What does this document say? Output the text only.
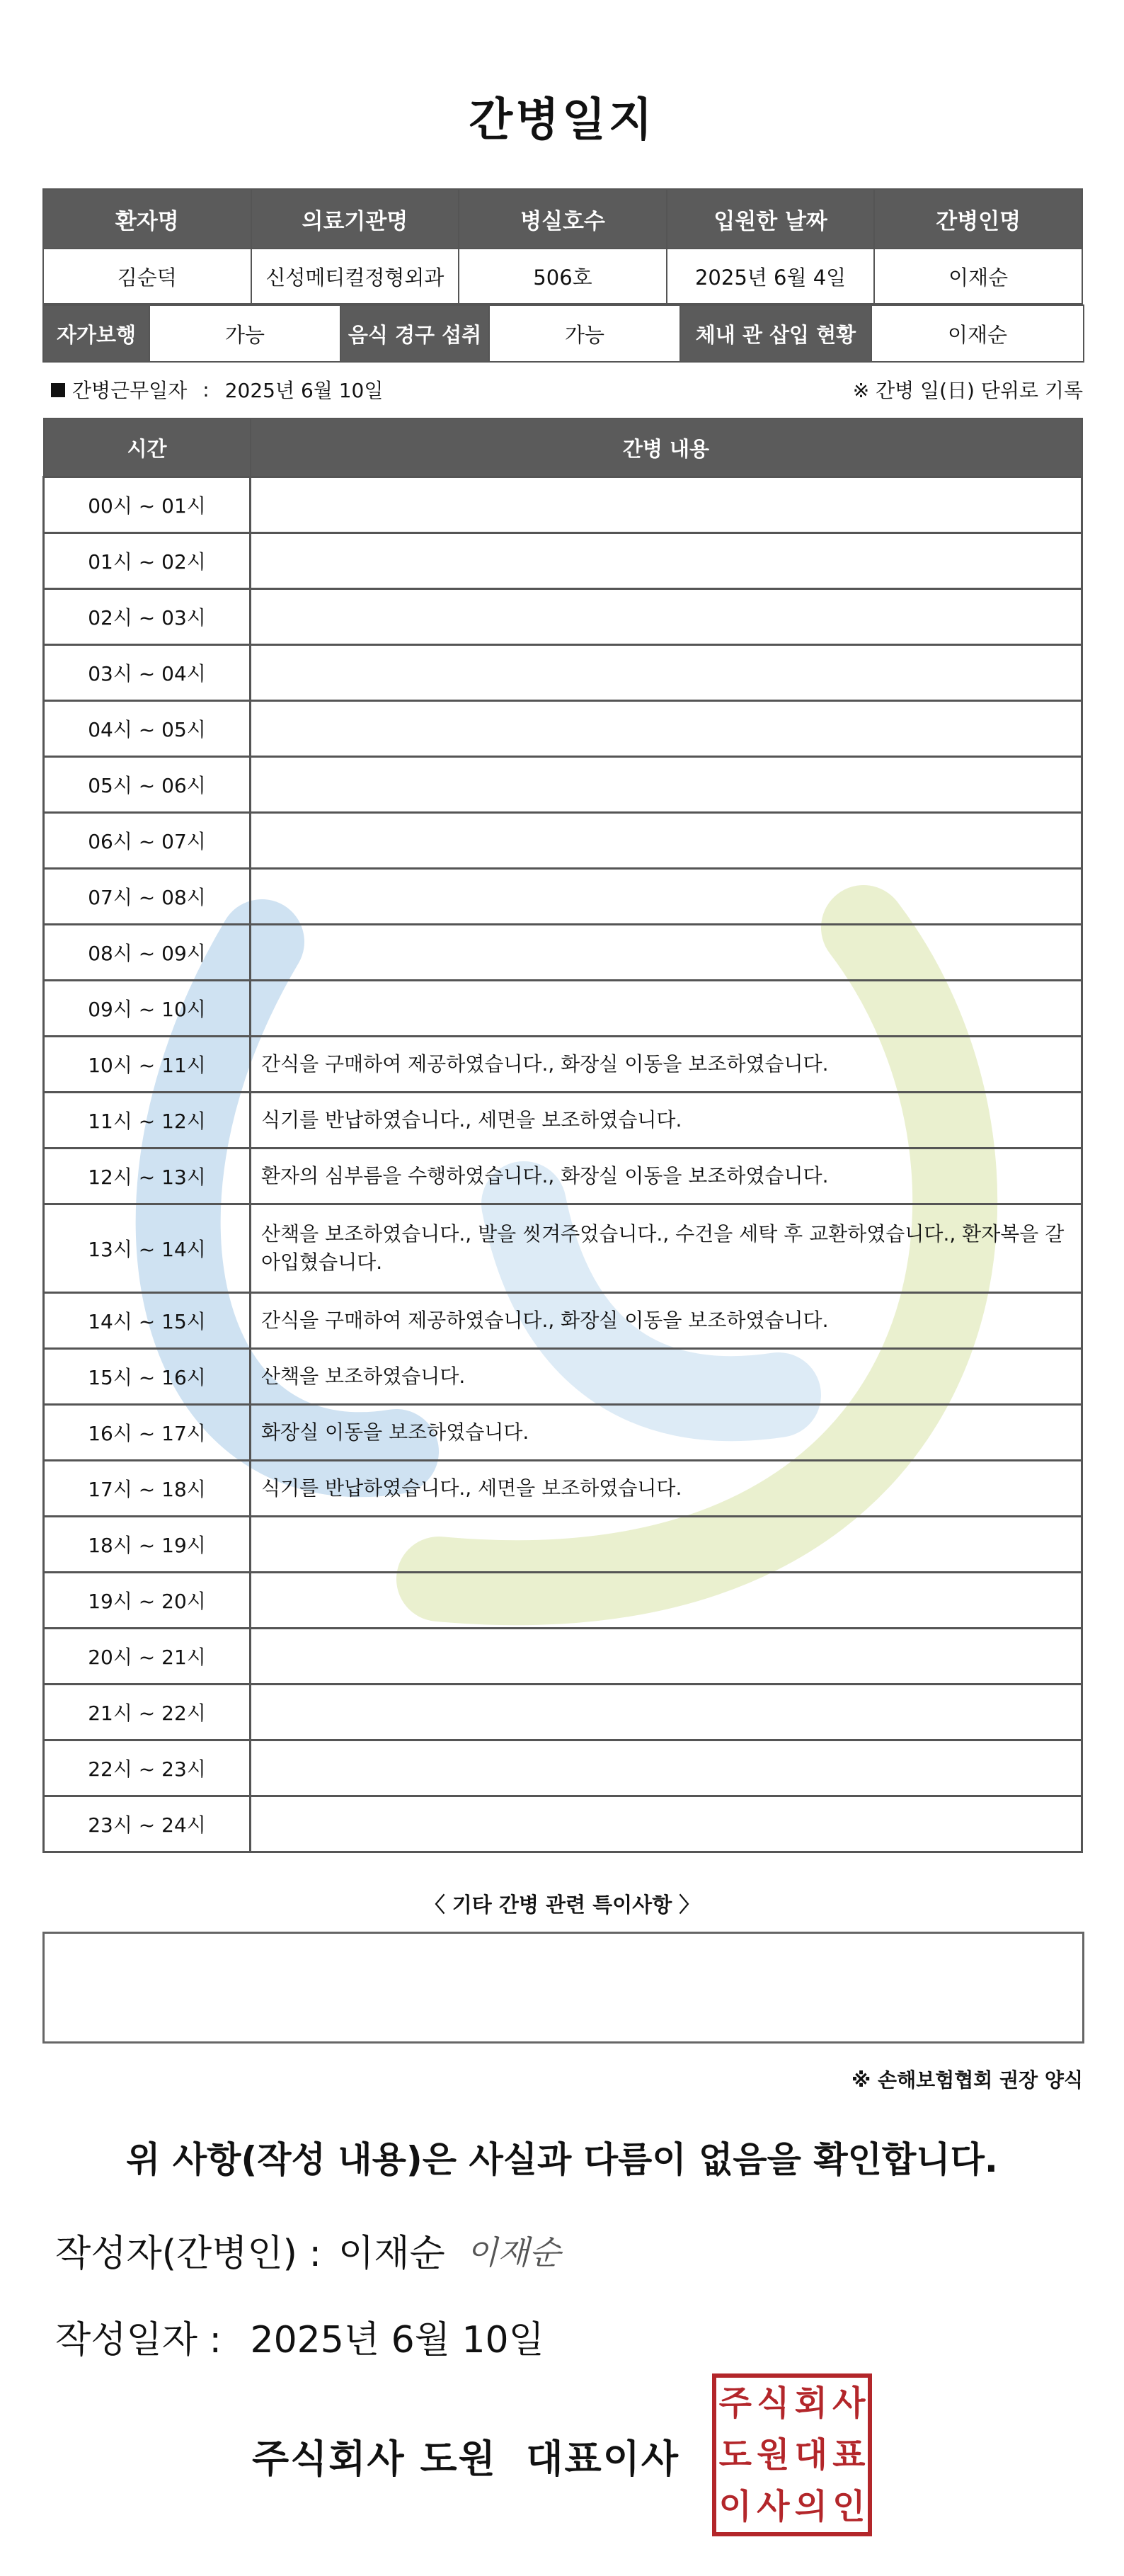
간병일지
환자명	의료기관명	병실호수	입원한 날짜	간병인명
김순덕	신성메티컬정형외과	506호	2025년 6월 4일	이재순
자가보행	가능	음식 경구 섭취	가능	체내 관 삽입 현황	이재순
간병근무일자 : 2025년 6월 10일	※ 간병 일(日) 단위로 기록
시간	간병 내용
00시 ~ 01시	
01시 ~ 02시	
02시 ~ 03시	
03시 ~ 04시	
04시 ~ 05시	
05시 ~ 06시	
06시 ~ 07시	
07시 ~ 08시	
08시 ~ 09시	
09시 ~ 10시	
10시 ~ 11시	간식을 구매하여 제공하였습니다., 화장실 이동을 보조하였습니다.
11시 ~ 12시	식기를 반납하였습니다., 세면을 보조하였습니다.
12시 ~ 13시	환자의 심부름을 수행하였습니다., 화장실 이동을 보조하였습니다.
13시 ~ 14시	산책을 보조하였습니다., 발을 씻겨주었습니다., 수건을 세탁 후 교환하였습니다., 환자복을 갈아입혔습니다.
14시 ~ 15시	간식을 구매하여 제공하였습니다., 화장실 이동을 보조하였습니다.
15시 ~ 16시	산책을 보조하였습니다.
16시 ~ 17시	화장실 이동을 보조하였습니다.
17시 ~ 18시	식기를 반납하였습니다., 세면을 보조하였습니다.
18시 ~ 19시	
19시 ~ 20시	
20시 ~ 21시	
21시 ~ 22시	
22시 ~ 23시	
23시 ~ 24시	
〈 기타 간병 관련 특이사항 〉
※ 손해보험협회 권장 양식
위 사항(작성 내용)은 사실과 다름이 없음을 확인합니다.
작성자(간병인) : 이재순 이재순
작성일자 : 2025년 6월 10일
주식회사 도원  대표이사
주 식 회 사
도 원 대 표
이 사 의 인
